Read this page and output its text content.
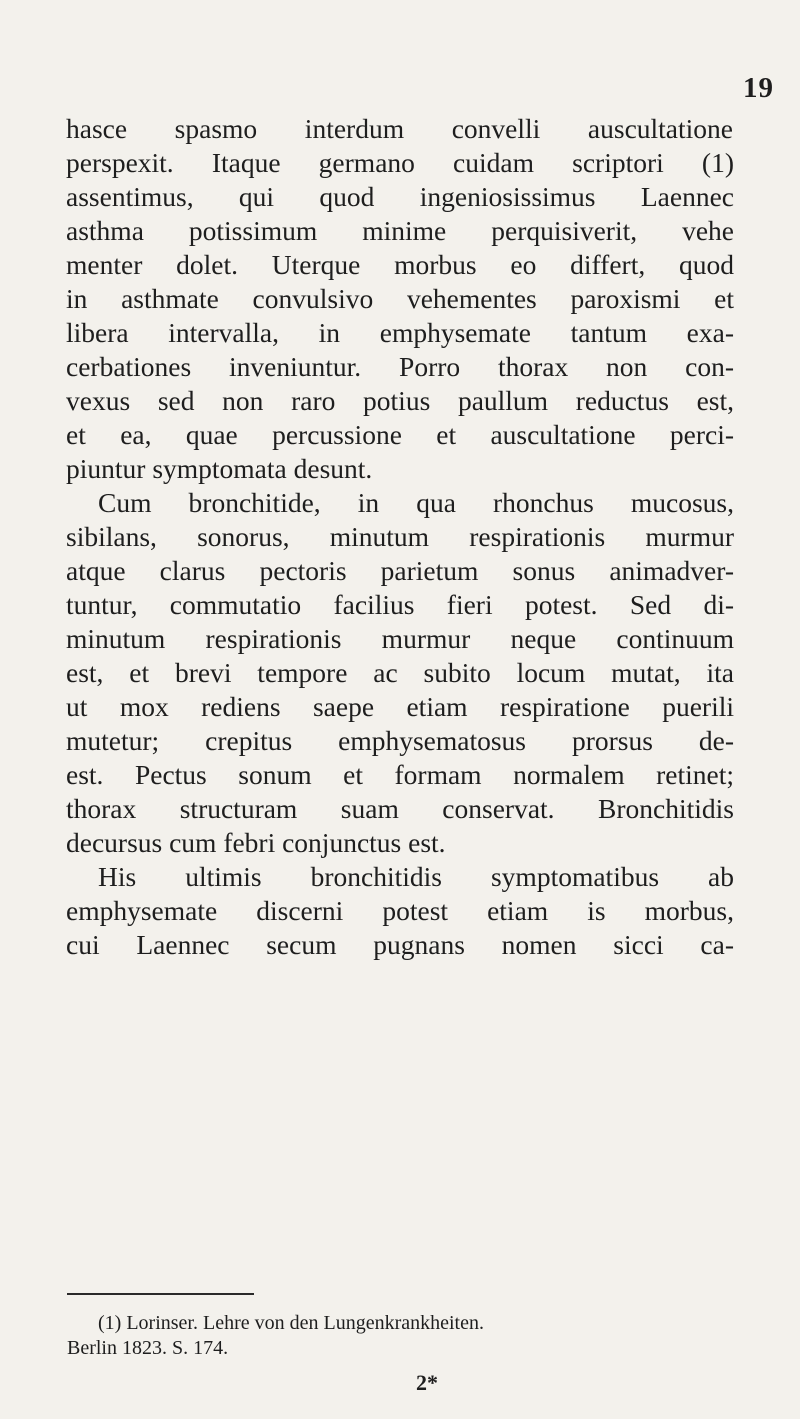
19
hasce spasmo interdum convelli auscultatione
perspexit. Itaque germano cuidam scriptori (1)
assentimus, qui quod ingeniosissimus Laennec
asthma potissimum minime perquisiverit, vehe
menter dolet. Uterque morbus eo differt, quod
in asthmate convulsivo vehementes paroxismi et
libera intervalla, in emphysemate tantum exa-
cerbationes inveniuntur. Porro thorax non con-
vexus sed non raro potius paullum reductus est,
et ea, quae percussione et auscultatione perci-
piuntur symptomata desunt.
Cum bronchitide, in qua rhonchus mucosus,
sibilans, sonorus, minutum respirationis murmur
atque clarus pectoris parietum sonus animadver-
tuntur, commutatio facilius fieri potest. Sed di-
minutum respirationis murmur neque continuum
est, et brevi tempore ac subito locum mutat, ita
ut mox rediens saepe etiam respiratione puerili
mutetur; crepitus emphysematosus prorsus de-
est. Pectus sonum et formam normalem retinet;
thorax structuram suam conservat. Bronchitidis
decursus cum febri conjunctus est.
His ultimis bronchitidis symptomatibus ab
emphysemate discerni potest etiam is morbus,
cui Laennec secum pugnans nomen sicci ca-
(1) Lorinser. Lehre von den Lungenkrankheiten.
Berlin 1823. S. 174.
2*
